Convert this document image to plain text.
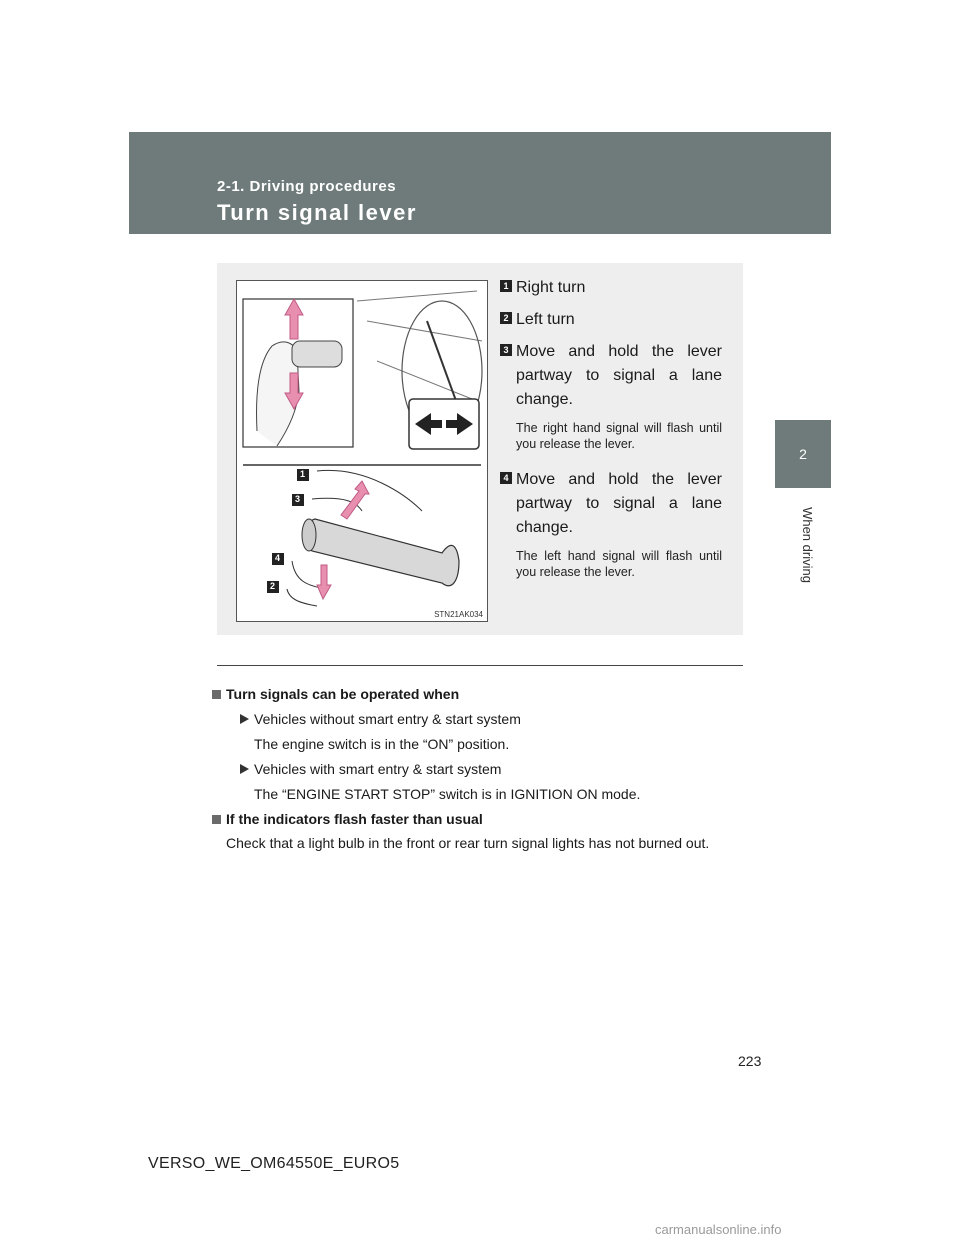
2-1. Driving procedures
Turn signal lever
2
When driving
1
3
4
2
STN21AK034
1 Right turn
2 Left turn
3 Move and hold the lever partway to signal a lane change.
The right hand signal will flash until you release the lever.
4 Move and hold the lever partway to signal a lane change.
The left hand signal will flash until you release the lever.
Turn signals can be operated when
Vehicles without smart entry & start system
The engine switch is in the “ON” position.
Vehicles with smart entry & start system
The “ENGINE START STOP” switch is in IGNITION ON mode.
If the indicators flash faster than usual
Check that a light bulb in the front or rear turn signal lights has not burned out.
223
VERSO_WE_OM64550E_EURO5
carmanualsonline.info
